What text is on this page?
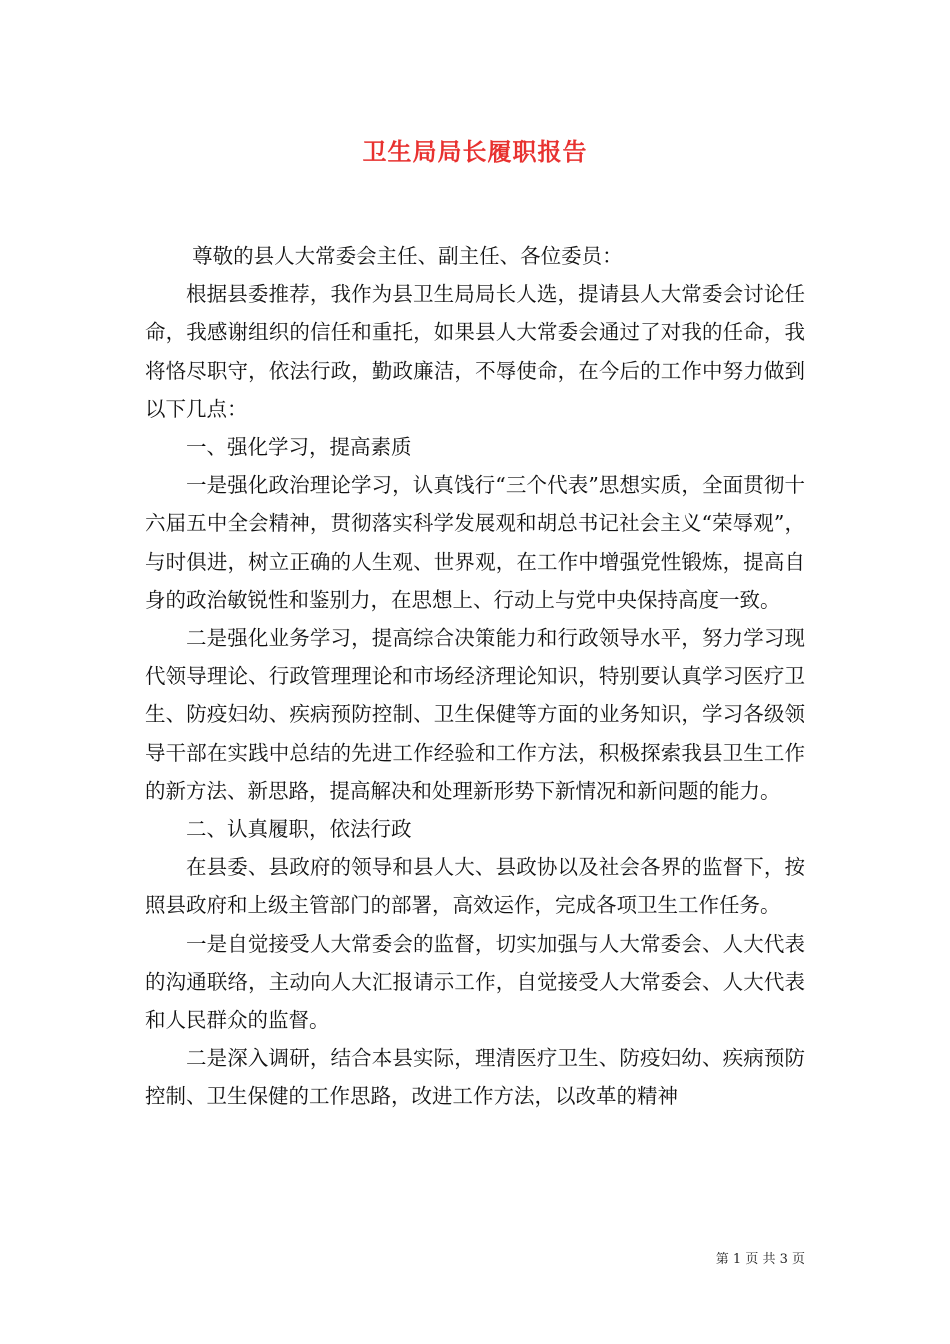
卫生局局长履职报告

尊敬的县人大常委会主任、副主任、各位委员：

根据县委推荐，我作为县卫生局局长人选，提请县人大常委会讨论任命，我感谢组织的信任和重托，如果县人大常委会通过了对我的任命，我将恪尽职守，依法行政，勤政廉洁，不辱使命，在今后的工作中努力做到以下几点：

一、强化学习，提高素质

一是强化政治理论学习，认真饯行“三个代表”思想实质，全面贯彻十六届五中全会精神，贯彻落实科学发展观和胡总书记社会主义“荣辱观”，与时俱进，树立正确的人生观、世界观，在工作中增强党性锻炼，提高自身的政治敏锐性和鉴别力，在思想上、行动上与党中央保持高度一致。

二是强化业务学习，提高综合决策能力和行政领导水平，努力学习现代领导理论、行政管理理论和市场经济理论知识，特别要认真学习医疗卫生、防疫妇幼、疾病预防控制、卫生保健等方面的业务知识，学习各级领导干部在实践中总结的先进工作经验和工作方法，积极探索我县卫生工作的新方法、新思路，提高解决和处理新形势下新情况和新问题的能力。

二、认真履职，依法行政

在县委、县政府的领导和县人大、县政协以及社会各界的监督下，按照县政府和上级主管部门的部署，高效运作，完成各项卫生工作任务。

一是自觉接受人大常委会的监督，切实加强与人大常委会、人大代表的沟通联络，主动向人大汇报请示工作，自觉接受人大常委会、人大代表和人民群众的监督。

二是深入调研，结合本县实际，理清医疗卫生、防疫妇幼、疾病预防控制、卫生保健的工作思路，改进工作方法，以改革的精神

第 1 页 共 3 页
